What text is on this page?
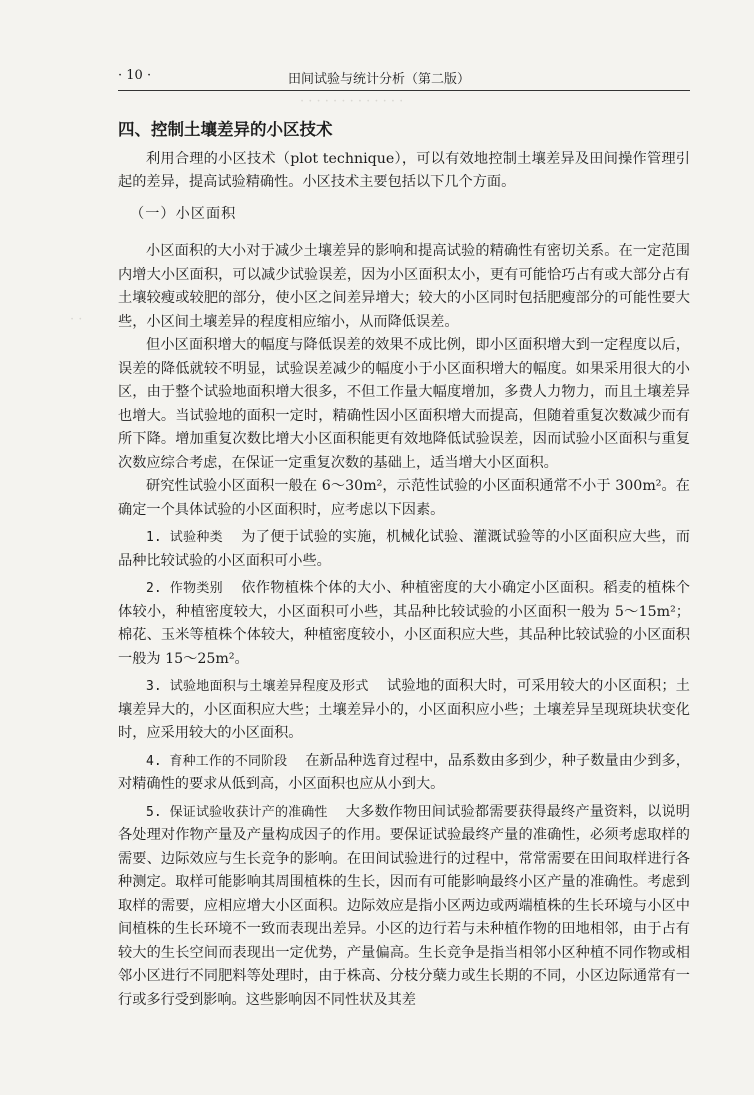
· · · · · · · · · · · · ·
· ·
· 10 ·	田间试验与统计分析（第二版）
四、控制土壤差异的小区技术

利用合理的小区技术（plot technique），可以有效地控制土壤差异及田间操作管理引起的差异，提高试验精确性。小区技术主要包括以下几个方面。

（一）小区面积

小区面积的大小对于减少土壤差异的影响和提高试验的精确性有密切关系。在一定范围内增大小区面积，可以减少试验误差，因为小区面积太小，更有可能恰巧占有或大部分占有土壤较瘦或较肥的部分，使小区之间差异增大；较大的小区同时包括肥瘦部分的可能性要大些，小区间土壤差异的程度相应缩小，从而降低误差。

但小区面积增大的幅度与降低误差的效果不成比例，即小区面积增大到一定程度以后，误差的降低就较不明显，试验误差减少的幅度小于小区面积增大的幅度。如果采用很大的小区，由于整个试验地面积增大很多，不但工作量大幅度增加，多费人力物力，而且土壤差异也增大。当试验地的面积一定时，精确性因小区面积增大而提高，但随着重复次数减少而有所下降。增加重复次数比增大小区面积能更有效地降低试验误差，因而试验小区面积与重复次数应综合考虑，在保证一定重复次数的基础上，适当增大小区面积。

研究性试验小区面积一般在 6～30m²，示范性试验的小区面积通常不小于 300m²。在确定一个具体试验的小区面积时，应考虑以下因素。

1. 试验种类 为了便于试验的实施，机械化试验、灌溉试验等的小区面积应大些，而品种比较试验的小区面积可小些。

2. 作物类别 依作物植株个体的大小、种植密度的大小确定小区面积。稻麦的植株个体较小，种植密度较大，小区面积可小些，其品种比较试验的小区面积一般为 5～15m²；棉花、玉米等植株个体较大，种植密度较小，小区面积应大些，其品种比较试验的小区面积一般为 15～25m²。

3. 试验地面积与土壤差异程度及形式 试验地的面积大时，可采用较大的小区面积；土壤差异大的，小区面积应大些；土壤差异小的，小区面积应小些；土壤差异呈现斑块状变化时，应采用较大的小区面积。

4. 育种工作的不同阶段 在新品种选育过程中，品系数由多到少，种子数量由少到多，对精确性的要求从低到高，小区面积也应从小到大。

5. 保证试验收获计产的准确性 大多数作物田间试验都需要获得最终产量资料，以说明各处理对作物产量及产量构成因子的作用。要保证试验最终产量的准确性，必须考虑取样的需要、边际效应与生长竞争的影响。在田间试验进行的过程中，常常需要在田间取样进行各种测定。取样可能影响其周围植株的生长，因而有可能影响最终小区产量的准确性。考虑到取样的需要，应相应增大小区面积。边际效应是指小区两边或两端植株的生长环境与小区中间植株的生长环境不一致而表现出差异。小区的边行若与未种植作物的田地相邻，由于占有较大的生长空间而表现出一定优势，产量偏高。生长竞争是指当相邻小区种植不同作物或相邻小区进行不同肥料等处理时，由于株高、分枝分蘖力或生长期的不同，小区边际通常有一行或多行受到影响。这些影响因不同性状及其差
